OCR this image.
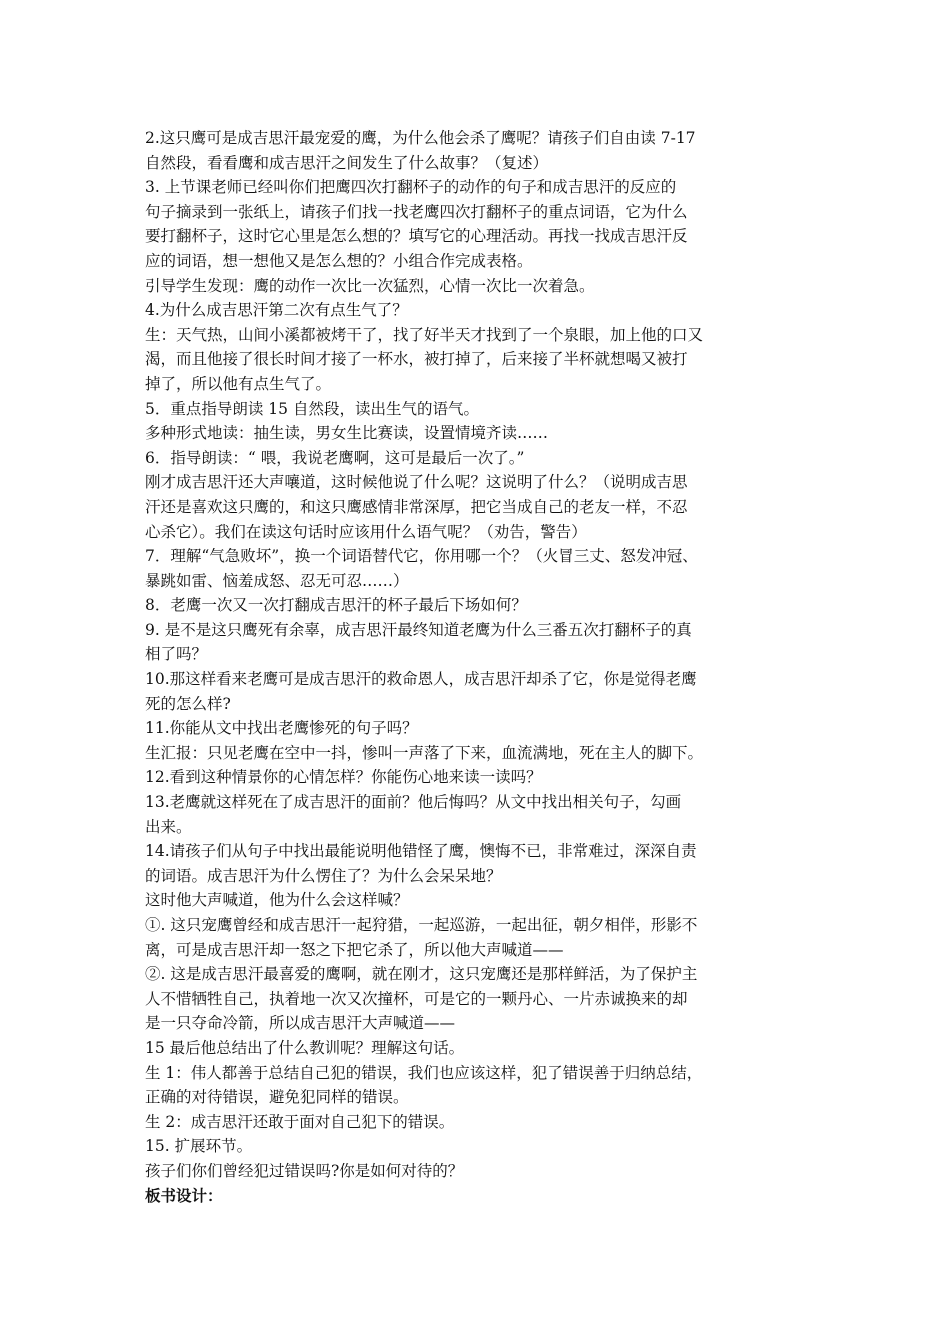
2.这只鹰可是成吉思汗最宠爱的鹰，为什么他会杀了鹰呢？请孩子们自由读 7-17

自然段，看看鹰和成吉思汗之间发生了什么故事？（复述）

3. 上节课老师已经叫你们把鹰四次打翻杯子的动作的句子和成吉思汗的反应的

句子摘录到一张纸上，请孩子们找一找老鹰四次打翻杯子的重点词语，它为什么

要打翻杯子，这时它心里是怎么想的？填写它的心理活动。再找一找成吉思汗反

应的词语，想一想他又是怎么想的？小组合作完成表格。

引导学生发现：鹰的动作一次比一次猛烈，心情一次比一次着急。

4.为什么成吉思汗第二次有点生气了？

生：天气热，山间小溪都被烤干了，找了好半天才找到了一个泉眼，加上他的口又

渴，而且他接了很长时间才接了一杯水，被打掉了，后来接了半杯就想喝又被打

掉了，所以他有点生气了。

5．重点指导朗读 15 自然段，读出生气的语气。

多种形式地读：抽生读，男女生比赛读，设置情境齐读……

6．指导朗读：“ 喂，我说老鹰啊，这可是最后一次了。”

刚才成吉思汗还大声嚷道，这时候他说了什么呢？这说明了什么？（说明成吉思

汗还是喜欢这只鹰的，和这只鹰感情非常深厚，把它当成自己的老友一样，不忍

心杀它）。我们在读这句话时应该用什么语气呢？（劝告，警告）

7．理解“气急败坏”，换一个词语替代它，你用哪一个？（火冒三丈、怒发冲冠、

暴跳如雷、恼羞成怒、忍无可忍……）

8．老鹰一次又一次打翻成吉思汗的杯子最后下场如何？

9. 是不是这只鹰死有余辜，成吉思汗最终知道老鹰为什么三番五次打翻杯子的真

相了吗？

10.那这样看来老鹰可是成吉思汗的救命恩人，成吉思汗却杀了它，你是觉得老鹰

死的怎么样?

11.你能从文中找出老鹰惨死的句子吗？

生汇报：只见老鹰在空中一抖，惨叫一声落了下来，血流满地，死在主人的脚下。

12.看到这种情景你的心情怎样？你能伤心地来读一读吗？

13.老鹰就这样死在了成吉思汗的面前？他后悔吗？从文中找出相关句子，勾画

出来。

14.请孩子们从句子中找出最能说明他错怪了鹰，懊悔不已，非常难过，深深自责

的词语。成吉思汗为什么愣住了？为什么会呆呆地？

这时他大声喊道，他为什么会这样喊？

①. 这只宠鹰曾经和成吉思汗一起狩猎，一起巡游，一起出征，朝夕相伴，形影不

离，可是成吉思汗却一怒之下把它杀了，所以他大声喊道——

②. 这是成吉思汗最喜爱的鹰啊，就在刚才，这只宠鹰还是那样鲜活，为了保护主

人不惜牺牲自己，执着地一次又次撞杯，可是它的一颗丹心、一片赤诚换来的却

是一只夺命冷箭，所以成吉思汗大声喊道——

15 最后他总结出了什么教训呢？理解这句话。

生 1：伟人都善于总结自己犯的错误，我们也应该这样，犯了错误善于归纳总结，

正确的对待错误，避免犯同样的错误。

生 2：成吉思汗还敢于面对自己犯下的错误。

15. 扩展环节。

孩子们你们曾经犯过错误吗?你是如何对待的？

板书设计：
